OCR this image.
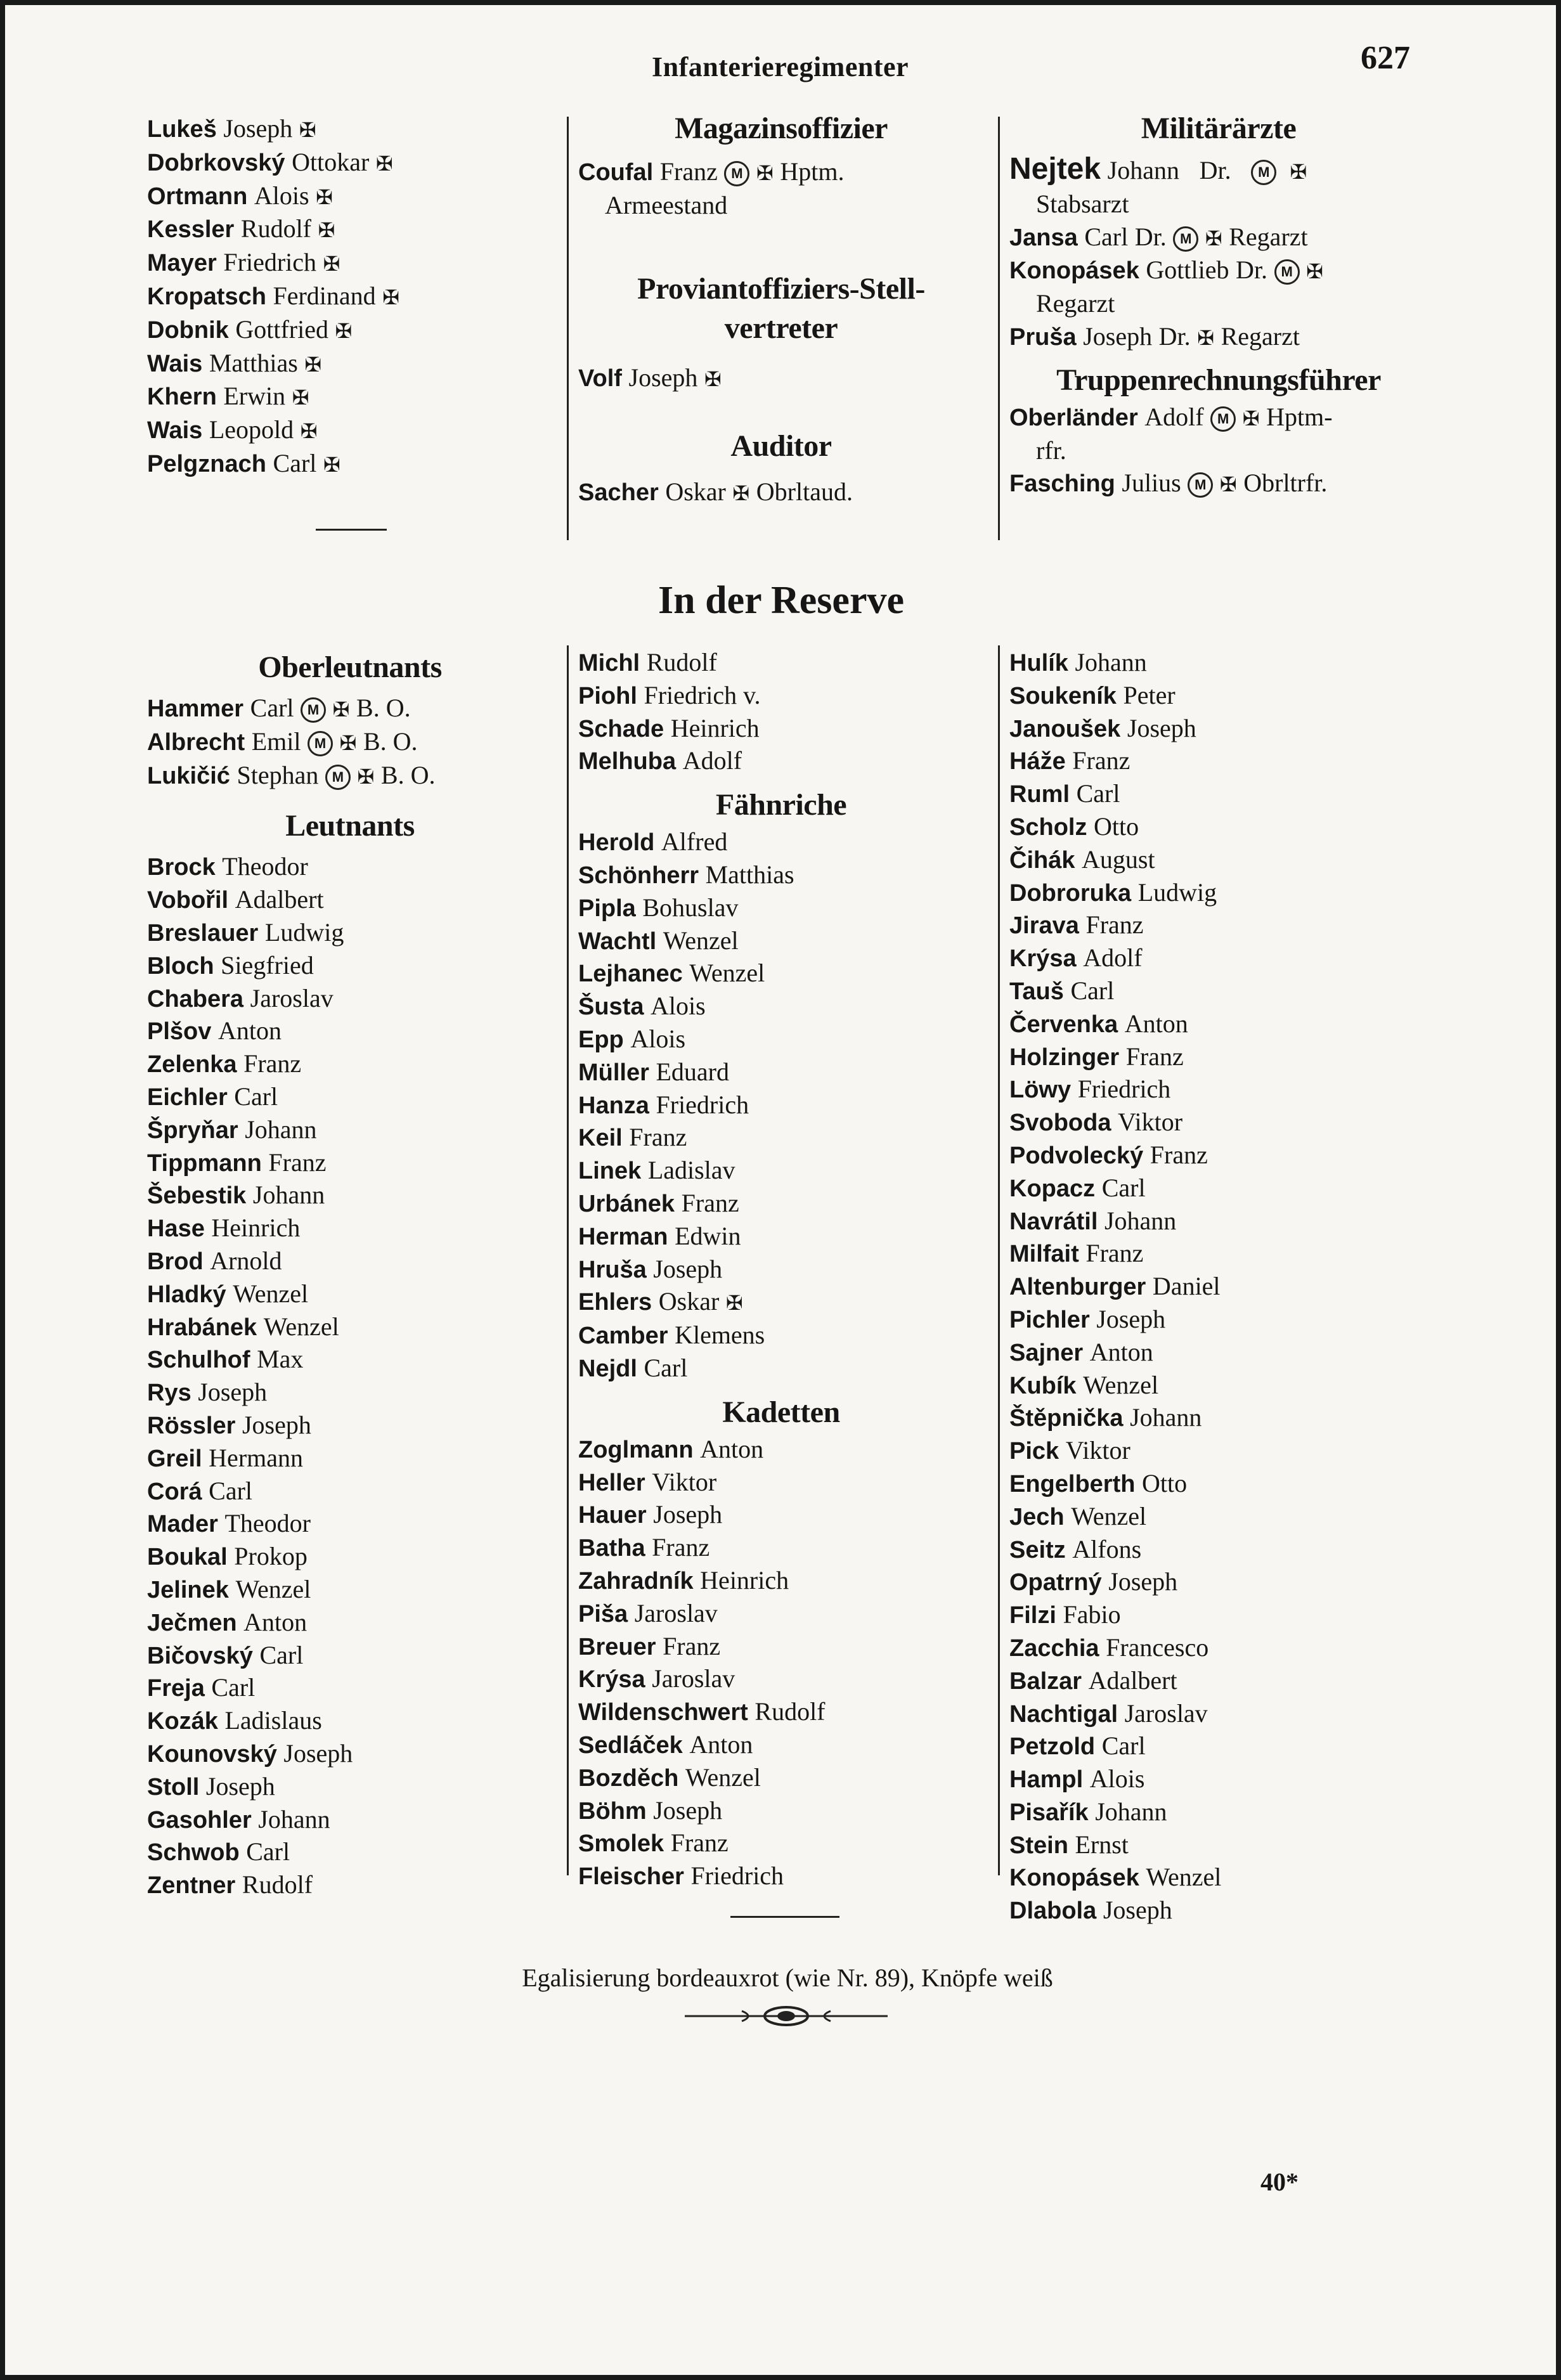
Infanterieregimenter	627
Lukeš Joseph ✠
Dobrkovský Ottokar ✠
Ortmann Alois ✠
Kessler Rudolf ✠
Mayer Friedrich ✠
Kropatsch Ferdinand ✠
Dobnik Gottfried ✠
Wais Matthias ✠
Khern Erwin ✠
Wais Leopold ✠
Pelgznach Carl ✠
Magazinsoffizier
Coufal Franz M ✠ Hptm.
Armeestand
Proviantoffiziers-Stell-
vertreter
Volf Joseph ✠
Auditor
Sacher Oskar ✠ Obrltaud.
Militärärzte
Nejtek Johann Dr. M ✠
Stabsarzt
Jansa Carl Dr. M ✠ Regarzt
Konopásek Gottlieb Dr. M ✠
Regarzt
Pruša Joseph Dr. ✠ Regarzt
Truppenrechnungsführer
Oberländer Adolf M ✠ Hptm-
rfr.
Fasching Julius M ✠ Obrltrfr.
In der Reserve
Oberleutnants
Hammer Carl M ✠ B. O.
Albrecht Emil M ✠ B. O.
Lukičić Stephan M ✠ B. O.
Leutnants
Brock Theodor
Vobořil Adalbert
Breslauer Ludwig
Bloch Siegfried
Chabera Jaroslav
Plšov Anton
Zelenka Franz
Eichler Carl
Špryňar Johann
Tippmann Franz
Šebestik Johann
Hase Heinrich
Brod Arnold
Hladký Wenzel
Hrabánek Wenzel
Schulhof Max
Rys Joseph
Rössler Joseph
Greil Hermann
Corá Carl
Mader Theodor
Boukal Prokop
Jelinek Wenzel
Ječmen Anton
Bičovský Carl
Freja Carl
Kozák Ladislaus
Kounovský Joseph
Stoll Joseph
Gasohler Johann
Schwob Carl
Zentner Rudolf
Michl Rudolf
Piohl Friedrich v.
Schade Heinrich
Melhuba Adolf
Fähnriche
Herold Alfred
Schönherr Matthias
Pipla Bohuslav
Wachtl Wenzel
Lejhanec Wenzel
Šusta Alois
Epp Alois
Müller Eduard
Hanza Friedrich
Keil Franz
Linek Ladislav
Urbánek Franz
Herman Edwin
Hruša Joseph
Ehlers Oskar ✠
Camber Klemens
Nejdl Carl
Kadetten
Zoglmann Anton
Heller Viktor
Hauer Joseph
Batha Franz
Zahradník Heinrich
Piša Jaroslav
Breuer Franz
Krýsa Jaroslav
Wildenschwert Rudolf
Sedláček Anton
Bozděch Wenzel
Böhm Joseph
Smolek Franz
Fleischer Friedrich
Hulík Johann
Soukeník Peter
Janoušek Joseph
Háže Franz
Ruml Carl
Scholz Otto
Čihák August
Dobroruka Ludwig
Jirava Franz
Krýsa Adolf
Tauš Carl
Červenka Anton
Holzinger Franz
Löwy Friedrich
Svoboda Viktor
Podvolecký Franz
Kopacz Carl
Navrátil Johann
Milfait Franz
Altenburger Daniel
Pichler Joseph
Sajner Anton
Kubík Wenzel
Štěpnička Johann
Pick Viktor
Engelberth Otto
Jech Wenzel
Seitz Alfons
Opatrný Joseph
Filzi Fabio
Zacchia Francesco
Balzar Adalbert
Nachtigal Jaroslav
Petzold Carl
Hampl Alois
Pisařík Johann
Stein Ernst
Konopásek Wenzel
Dlabola Joseph
Egalisierung bordeauxrot (wie Nr. 89), Knöpfe weiß
40*
